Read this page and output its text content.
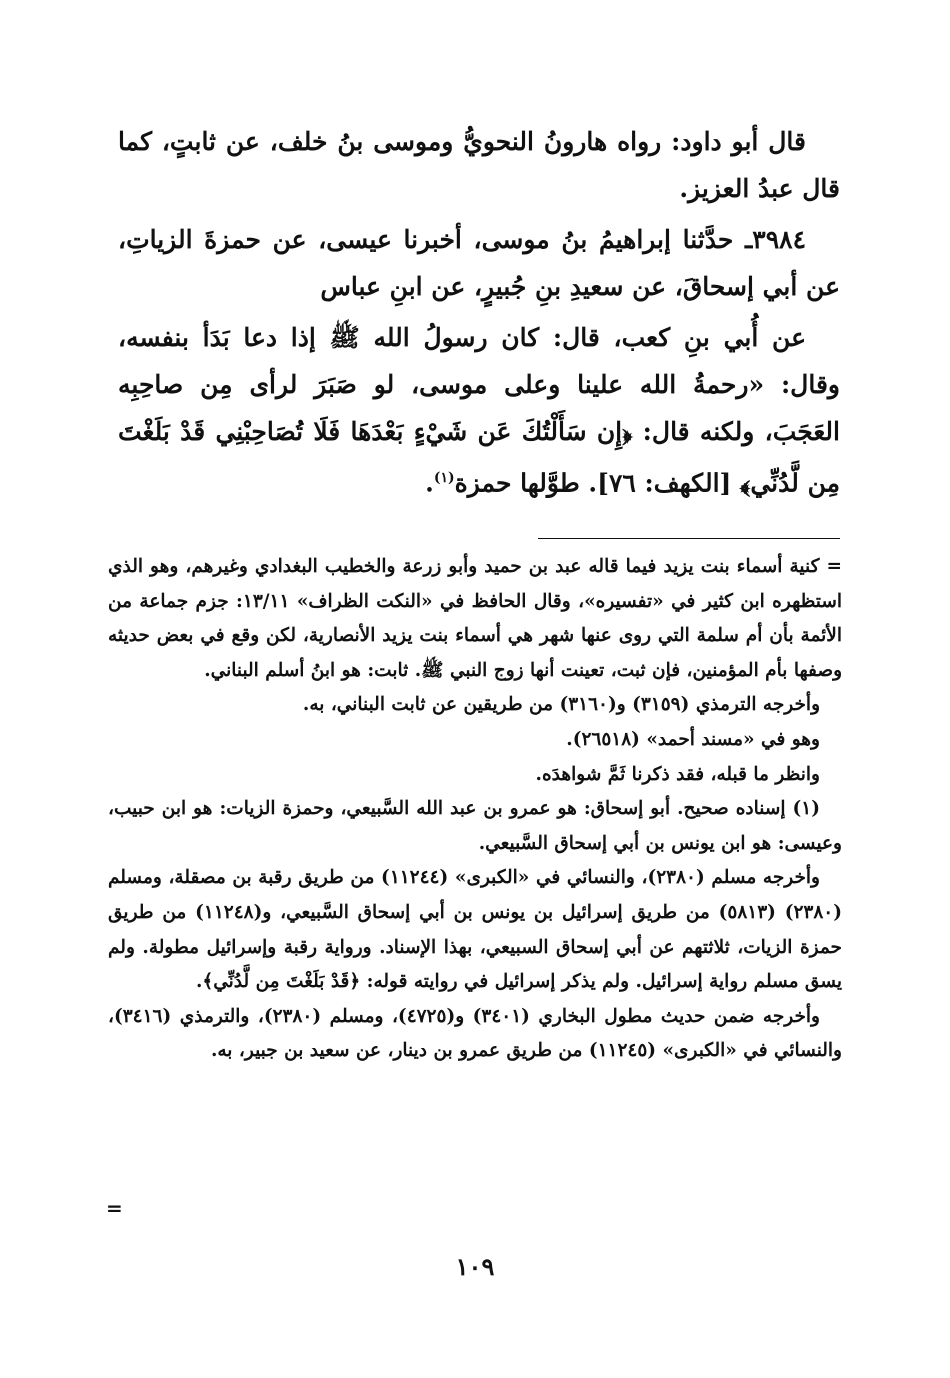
قال أبو داود: رواه هارونُ النحويُّ وموسى بنُ خلف، عن ثابتٍ، كما قال عبدُ العزيز.

٣٩٨٤ـ حدَّثنا إبراهيمُ بنُ موسى، أخبرنا عيسى، عن حمزةَ الزياتِ، عن أبي إسحاقَ، عن سعيدِ بنِ جُبيرٍ، عن ابنِ عباس

عن أُبي بنِ كعب، قال: كان رسولُ الله ﷺ إذا دعا بَدَأ بنفسه، وقال: «رحمةُ الله علينا وعلى موسى، لو صَبَرَ لرأى مِن صاحِبِه العَجَبَ، ولكنه قال: ﴿إِن سَأَلْتُكَ عَن شَيْءٍ بَعْدَهَا فَلَا تُصَاحِبْنِي قَدْ بَلَغْتَ مِن لَّدُنِّي﴾ [الكهف: ٧٦]. طوَّلها حمزة$^{(١)}$.

= كنية أسماء بنت يزيد فيما قاله عبد بن حميد وأبو زرعة والخطيب البغدادي وغيرهم، وهو الذي استظهره ابن كثير في «تفسيره»، وقال الحافظ في «النكت الظراف» ١٣/١١: جزم جماعة من الأئمة بأن أم سلمة التي روى عنها شهر هي أسماء بنت يزيد الأنصارية، لكن وقع في بعض حديثه وصفها بأم المؤمنين، فإن ثبت، تعينت أنها زوج النبي ﷺ. ثابت: هو ابنُ أسلم البناني.

وأخرجه الترمذي (٣١٥٩) و(٣١٦٠) من طريقين عن ثابت البناني، به.

وهو في «مسند أحمد» (٢٦٥١٨).

وانظر ما قبله، فقد ذكرنا ثَمَّ شواهدَه.

(١) إسناده صحيح. أبو إسحاق: هو عمرو بن عبد الله السَّبيعي، وحمزة الزيات: هو ابن حبيب، وعيسى: هو ابن يونس بن أبي إسحاق السَّبيعي.

وأخرجه مسلم (٢٣٨٠)، والنسائي في «الكبرى» (١١٢٤٤) من طريق رقبة بن مصقلة، ومسلم (٢٣٨٠) (٥٨١٣) من طريق إسرائيل بن يونس بن أبي إسحاق السَّبيعي، و(١١٢٤٨) من طريق حمزة الزيات، ثلاثتهم عن أبي إسحاق السبيعي، بهذا الإسناد. ورواية رقبة وإسرائيل مطولة. ولم يسق مسلم رواية إسرائيل. ولم يذكر إسرائيل في روايته قوله: ﴿قَدْ بَلَغْتَ مِن لَّدُنِّي﴾.

وأخرجه ضمن حديث مطول البخاري (٣٤٠١) و(٤٧٢٥)، ومسلم (٢٣٨٠)، والترمذي (٣٤١٦)، والنسائي في «الكبرى» (١١٢٤٥) من طريق عمرو بن دينار، عن سعيد بن جبير، به.

=
١٠٩
